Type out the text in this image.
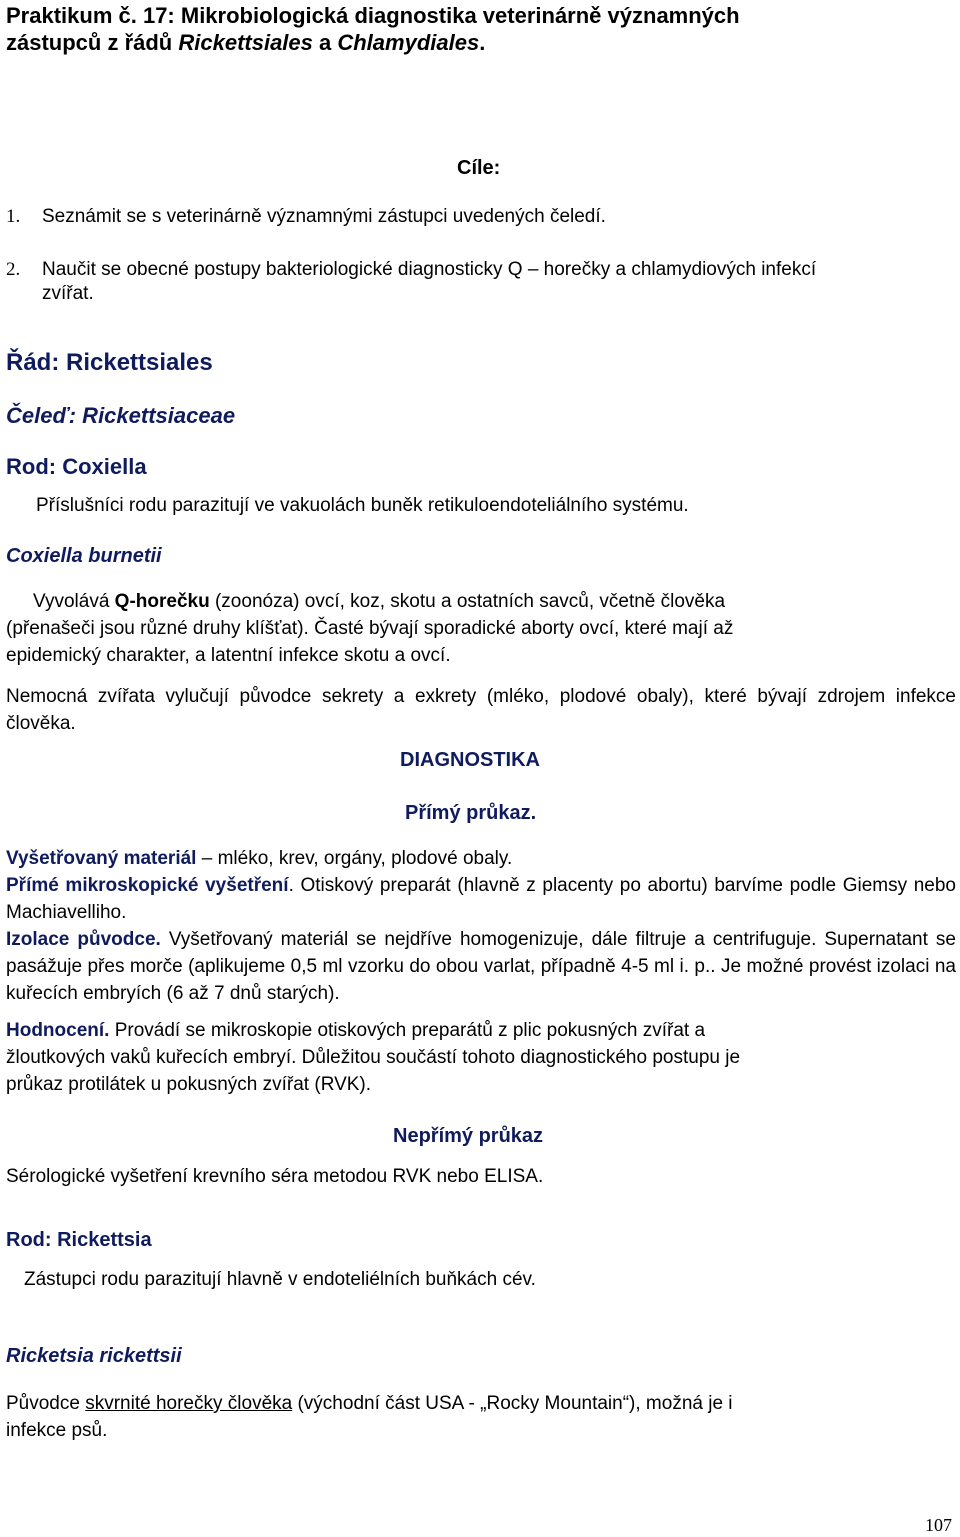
Praktikum č. 17: Mikrobiologická diagnostika veterinárně významných
zástupců z řádů Rickettsiales a Chlamydiales.
Cíle:
1. Seznámit se s veterinárně významnými zástupci uvedených čeledí.
2. Naučit se obecné postupy bakteriologické diagnosticky Q – horečky a chlamydiových infekcí
zvířat.
Řád: Rickettsiales
Čeleď: Rickettsiaceae
Rod: Coxiella
Příslušníci rodu parazitují ve vakuolách buněk retikuloendoteliálního systému.
Coxiella burnetii
Vyvolává Q-horečku (zoonóza) ovcí, koz, skotu a ostatních savců, včetně člověka
(přenašeči jsou různé druhy klíšťat). Časté bývají sporadické aborty ovcí, které mají až
epidemický charakter, a latentní infekce skotu a ovcí.
Nemocná zvířata vylučují původce sekrety a exkrety (mléko, plodové obaly), které bývají zdrojem infekce člověka.
DIAGNOSTIKA
Přímý průkaz.
Vyšetřovaný materiál – mléko, krev, orgány, plodové obaly.
Přímé mikroskopické vyšetření. Otiskový preparát (hlavně z placenty po abortu) barvíme podle Giemsy nebo Machiavelliho.
Izolace původce. Vyšetřovaný materiál se nejdříve homogenizuje, dále filtruje a centrifuguje. Supernatant se pasážuje přes morče (aplikujeme 0,5 ml vzorku do obou varlat, případně 4-5 ml i. p.. Je možné provést izolaci na kuřecích embryích (6 až 7 dnů starých).
Hodnocení. Provádí se mikroskopie otiskových preparátů z plic pokusných zvířat a
žloutkových vaků kuřecích embryí. Důležitou součástí tohoto diagnostického postupu je
průkaz protilátek u pokusných zvířat (RVK).
Nepřímý průkaz
Sérologické vyšetření krevního séra metodou RVK nebo ELISA.
Rod: Rickettsia
Zástupci rodu parazitují hlavně v endoteliélních buňkách cév.
Ricketsia rickettsii
Původce skvrnité horečky člověka (východní část USA - „Rocky Mountain“), možná je i
infekce psů.
107
